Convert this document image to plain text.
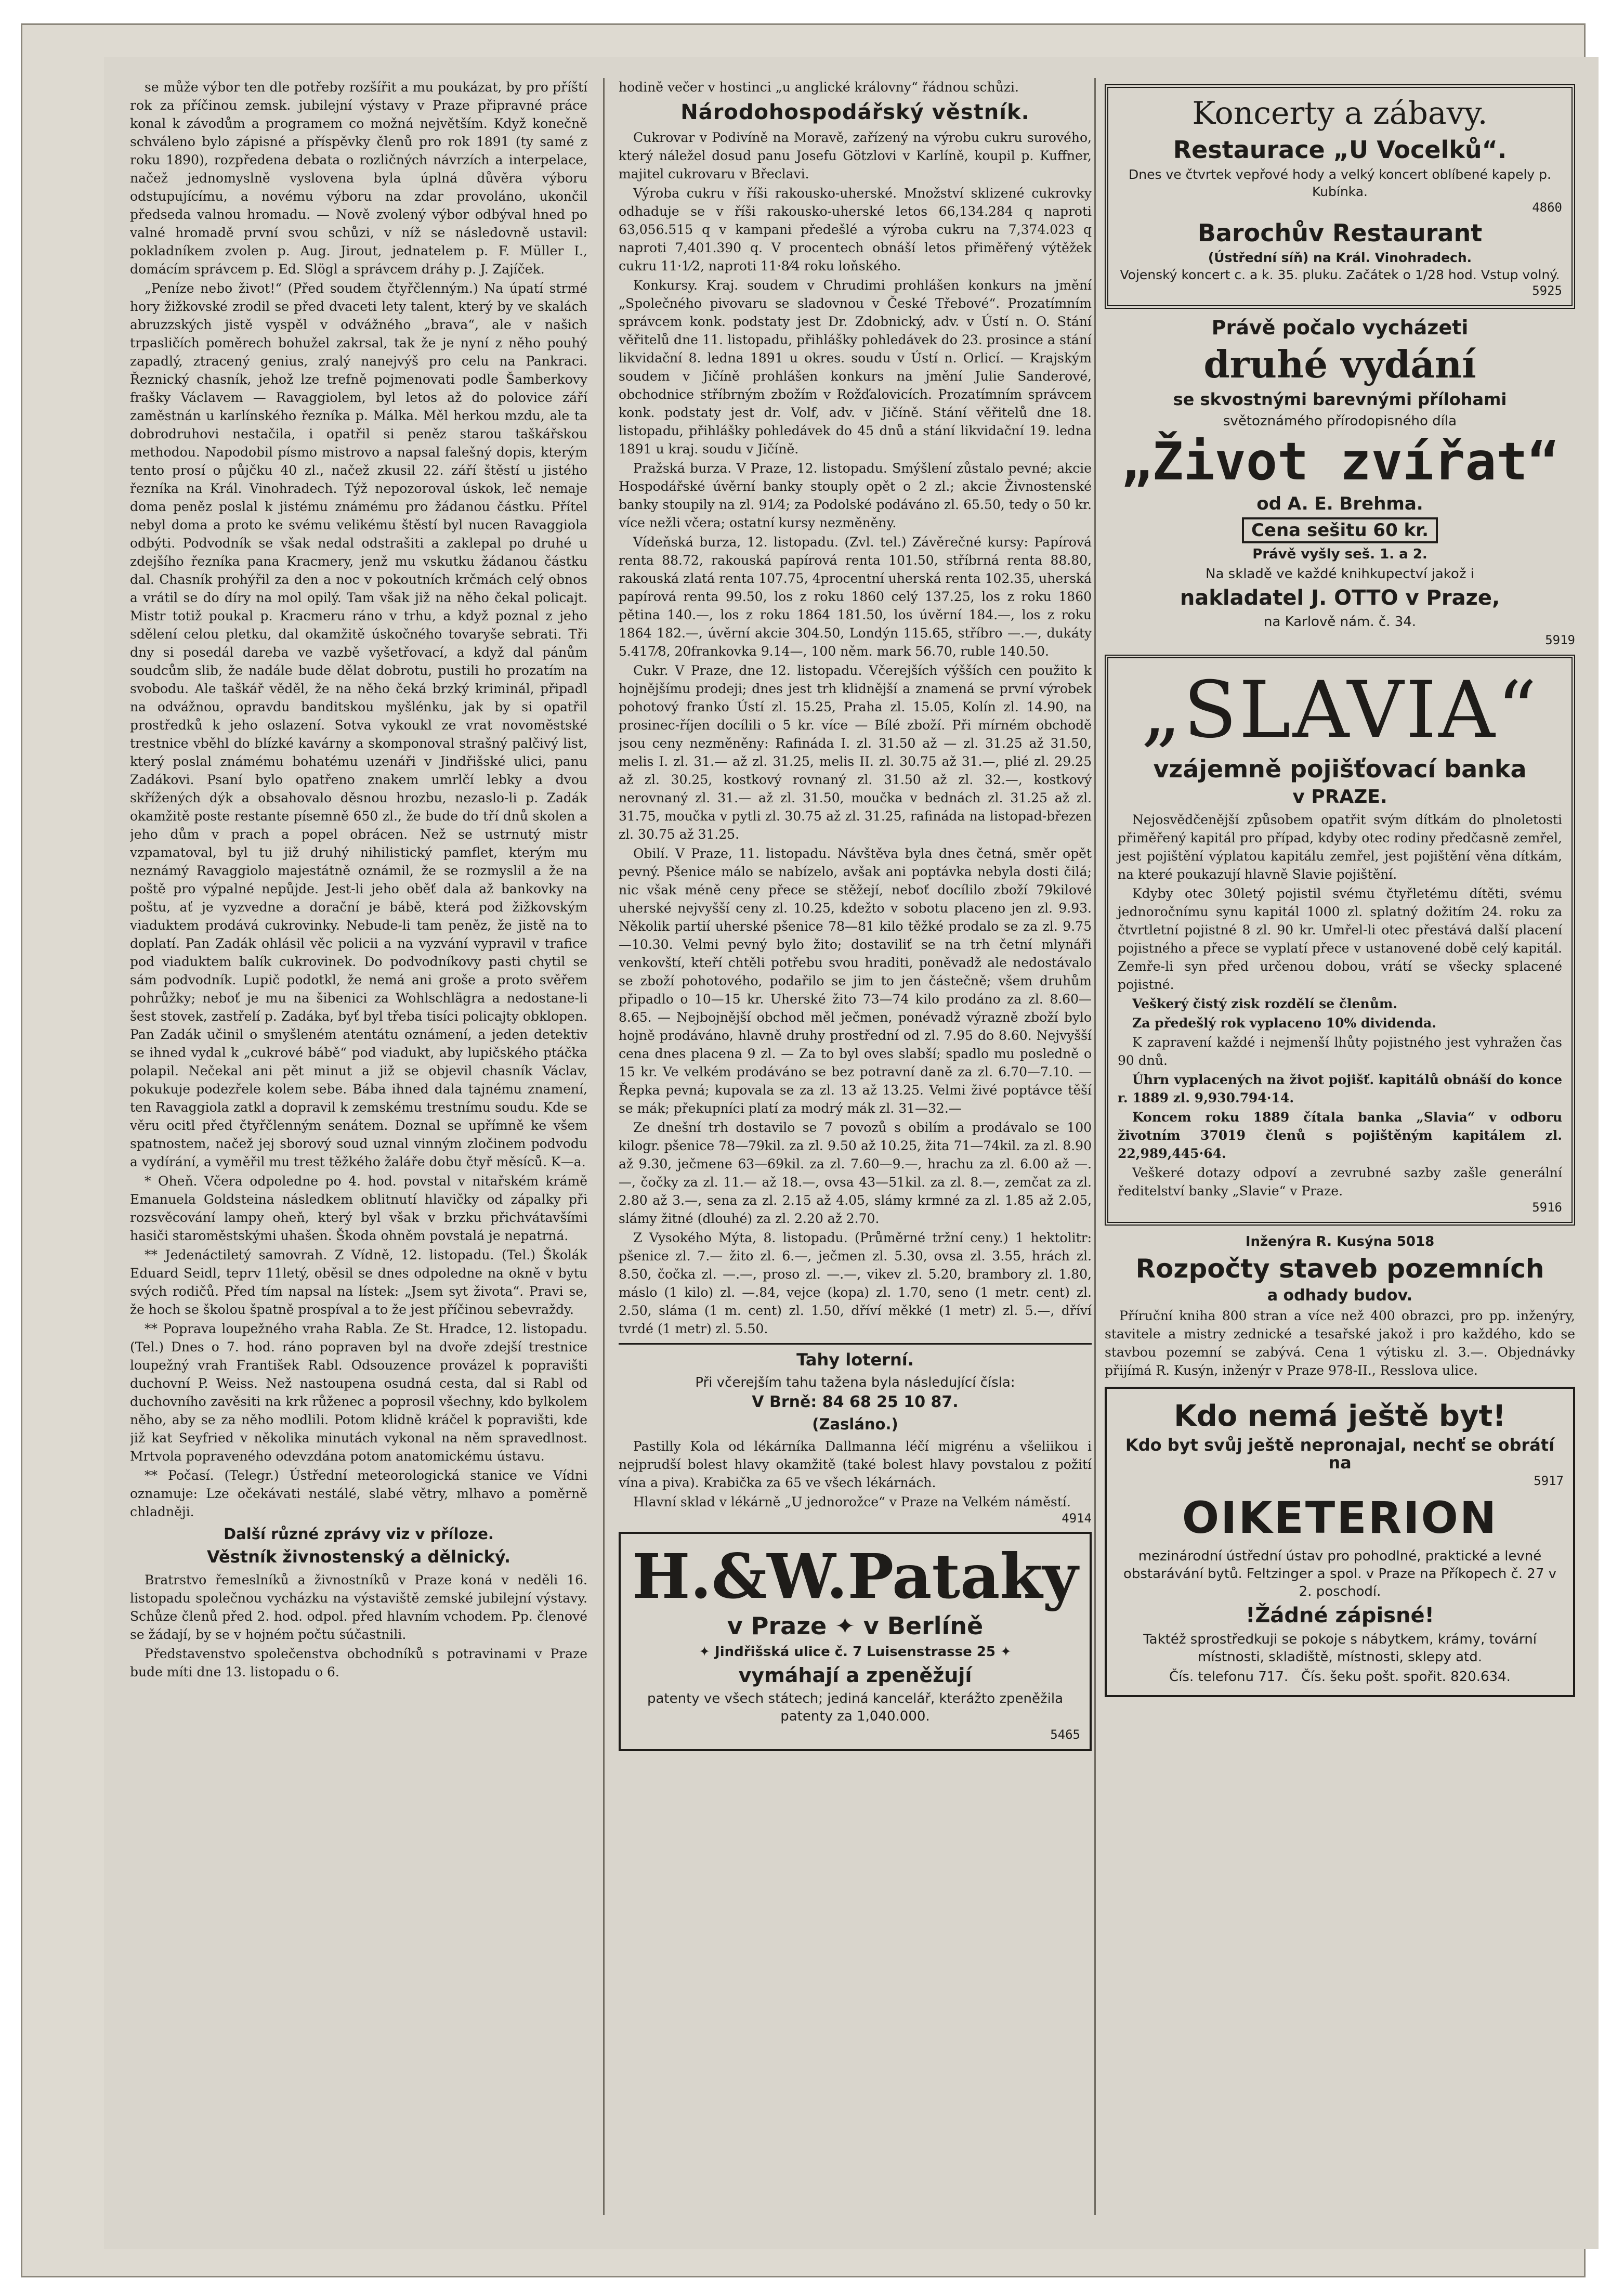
se může výbor ten dle potřeby rozšířit a mu poukázat, by pro příští rok za příčinou zemsk. jubilejní výstavy v Praze připravné práce konal k závodům a programem co možná největším. Když konečně schváleno bylo zápisné a příspěvky členů pro rok 1891 (ty samé z roku 1890), rozpředena debata o rozličných návrzích a interpelace, načež jednomyslně vyslovena byla úplná důvěra výboru odstupujícímu, a novému výboru na zdar provoláno, ukončil předseda valnou hromadu. — Nově zvolený výbor odbýval hned po valné hromadě první svou schůzi, v níž se následovně ustavil: pokladníkem zvolen p. Aug. Jirout, jednatelem p. F. Müller I., domácím správcem p. Ed. Slögl a správcem dráhy p. J. Zajíček.

„Peníze nebo život!“ (Před soudem čtyřčlenným.) Na úpatí strmé hory žižkovské zrodil se před dvaceti lety talent, který by ve skalách abruzzských jistě vyspěl v odvážného „brava“, ale v našich trpasličích poměrech bohužel zakrsal, tak že je nyní z něho pouhý zapadlý, ztracený genius, zralý nanejvýš pro celu na Pankraci. Řeznický chasník, jehož lze trefně pojmenovati podle Šamberkovy frašky Václavem — Ravaggiolem, byl letos až do polovice září zaměstnán u karlínského řezníka p. Málka. Měl herkou mzdu, ale ta dobrodruhovi nestačila, i opatřil si peněz starou taškářskou methodou. Napodobil písmo mistrovo a napsal falešný dopis, kterým tento prosí o půjčku 40 zl., načež zkusil 22. září štěstí u jistého řezníka na Král. Vinohradech. Týž nepozoroval úskok, leč nemaje doma peněz poslal k jistému známému pro žádanou částku. Přítel nebyl doma a proto ke svému velikému štěstí byl nucen Ravaggiola odbýti. Podvodník se však nedal odstrašiti a zaklepal po druhé u zdejšího řezníka pana Kracmery, jenž mu vskutku žádanou částku dal. Chasník prohýřil za den a noc v pokoutních krčmách celý obnos a vrátil se do díry na mol opilý. Tam však již na něho čekal policajt. Mistr totiž poukal p. Kracmeru ráno v trhu, a když poznal z jeho sdělení celou pletku, dal okamžitě úskočného tovaryše sebrati. Tři dny si posedál dareba ve vazbě vyšetřovací, a když dal pánům soudcům slib, že nadále bude dělat dobrotu, pustili ho prozatím na svobodu. Ale taškář věděl, že na něho čeká brzký kriminál, připadl na odvážnou, opravdu banditskou myšlénku, jak by si opatřil prostředků k jeho oslazení. Sotva vykoukl ze vrat novoměstské trestnice vběhl do blízké kavárny a skomponoval strašný palčivý list, který poslal známému bohatému uzenáři v Jindřišské ulici, panu Zadákovi. Psaní bylo opatřeno znakem umrlčí lebky a dvou skřížených dýk a obsahovalo děsnou hrozbu, nezaslo-li p. Zadák okamžitě poste restante písemně 650 zl., že bude do tří dnů skolen a jeho dům v prach a popel obrácen. Než se ustrnutý mistr vzpamatoval, byl tu již druhý nihilistický pamflet, kterým mu neznámý Ravaggiolo majestátně oznámil, že se rozmyslil a že na poště pro výpalné nepůjde. Jest-li jeho oběť dala až bankovky na poštu, ať je vyzvedne a dorační je bábě, která pod žižkovským viaduktem prodává cukrovinky. Nebude-li tam peněz, že jistě na to doplatí. Pan Zadák ohlásil věc policii a na vyzvání vypravil v trafice pod viaduktem balík cukrovinek. Do podvodníkovy pasti chytil se sám podvodník. Lupič podotkl, že nemá ani groše a proto svěřem pohrůžky; neboť je mu na šibenici za Wohlschlägra a nedostane-li šest stovek, zastřelí p. Zadáka, byť byl třeba tisíci policajty obklopen. Pan Zadák učinil o smyšleném atentátu oznámení, a jeden detektiv se ihned vydal k „cukrové bábě“ pod viadukt, aby lupičského ptáčka polapil. Nečekal ani pět minut a již se objevil chasník Václav, pokukuje podezřele kolem sebe. Bába ihned dala tajnému znamení, ten Ravaggiola zatkl a dopravil k zemskému trestnímu soudu. Kde se věru ocitl před čtyřčlenným senátem. Doznal se upřímně ke všem spatnostem, načež jej sborový soud uznal vinným zločinem podvodu a vydírání, a vyměřil mu trest těžkého žaláře dobu čtyř měsíců. K—a.

* Oheň. Včera odpoledne po 4. hod. povstal v nitařském krámě Emanuela Goldsteina následkem oblitnutí hlavičky od zápalky při rozsvěcování lampy oheň, který byl však v brzku přichvátavšími hasiči staroměstskými uhašen. Škoda ohněm povstalá je nepatrná.

** Jedenáctiletý samovrah. Z Vídně, 12. listopadu. (Tel.) Školák Eduard Seidl, teprv 11letý, oběsil se dnes odpoledne na okně v bytu svých rodičů. Před tím napsal na lístek: „Jsem syt života“. Pravi se, že hoch se školou špatně prospíval a to že jest příčinou sebevraždy.

** Poprava loupežného vraha Rabla. Ze St. Hradce, 12. listopadu. (Tel.) Dnes o 7. hod. ráno popraven byl na dvoře zdejší trestnice loupežný vrah František Rabl. Odsouzence provázel k popravišti duchovní P. Weiss. Než nastoupena osudná cesta, dal si Rabl od duchovního zavěsiti na krk růženec a poprosil všechny, kdo bylkolem něho, aby se za něho modlili. Potom klidně kráčel k popravišti, kde již kat Seyfried v několika minutách vykonal na něm spravedlnost. Mrtvola popraveného odevzdána potom anatomickému ústavu.

** Počasí. (Telegr.) Ústřední meteorologická stanice ve Vídni oznamuje: Lze očekávati nestálé, slabé větry, mlhavo a poměrně chladněji.

Další různé zprávy viz v příloze.
Věstník živnostenský a dělnický.

Bratrstvo řemeslníků a živnostníků v Praze koná v neděli 16. listopadu společnou vycházku na výstaviště zemské jubilejní výstavy. Schůze členů před 2. hod. odpol. před hlavním vchodem. Pp. členové se žádají, by se v hojném počtu súčastnili.

Představenstvo společenstva obchodníků s potravinami v Praze bude míti dne 13. listopadu o 6.

hodině večer v hostinci „u anglické královny“ řádnou schůzi.

Národohospodářský věstník.

Cukrovar v Podivíně na Moravě, zařízený na výrobu cukru surového, který náležel dosud panu Josefu Götzlovi v Karlíně, koupil p. Kuffner, majitel cukrovaru v Břeclavi.

Výroba cukru v říši rakousko-uherské. Množství sklizené cukrovky odhaduje se v říši rakousko-uherské letos 66,134.284 q naproti 63,056.515 q v kampani předešlé a výroba cukru na 7,374.023 q naproti 7,401.390 q. V procentech obnáší letos přiměřený výtěžek cukru 11·1⁄2, naproti 11·8⁄4 roku loňského.

Konkursy. Kraj. soudem v Chrudimi prohlášen konkurs na jmění „Společného pivovaru se sladovnou v České Třebové“. Prozatímním správcem konk. podstaty jest Dr. Zdobnický, adv. v Ústí n. O. Stání věřitelů dne 11. listopadu, přihlášky pohledávek do 23. prosince a stání likvidační 8. ledna 1891 u okres. soudu v Ústí n. Orlicí. — Krajským soudem v Jičíně prohlášen konkurs na jmění Julie Sanderové, obchodnice stříbrným zbožím v Rožďalovicích. Prozatímním správcem konk. podstaty jest dr. Volf, adv. v Jičíně. Stání věřitelů dne 18. listopadu, přihlášky pohledávek do 45 dnů a stání likvidační 19. ledna 1891 u kraj. soudu v Jičíně.

Pražská burza. V Praze, 12. listopadu. Smýšlení zůstalo pevné; akcie Hospodářské úvěrní banky stouply opět o 2 zl.; akcie Živnostenské banky stoupily na zl. 91⁄4; za Podolské podáváno zl. 65.50, tedy o 50 kr. více nežli včera; ostatní kursy nezměněny.

Vídeňská burza, 12. listopadu. (Zvl. tel.) Závěrečné kursy: Papírová renta 88.72, rakouská papírová renta 101.50, stříbrná renta 88.80, rakouská zlatá renta 107.75, 4procentní uherská renta 102.35, uherská papírová renta 99.50, los z roku 1860 celý 137.25, los z roku 1860 pětina 140.—, los z roku 1864 181.50, los úvěrní 184.—, los z roku 1864 182.—, úvěrní akcie 304.50, Londýn 115.65, stříbro —.—, dukáty 5.417⁄8, 20frankovka 9.14—, 100 něm. mark 56.70, ruble 140.50.

Cukr. V Praze, dne 12. listopadu. Včerejších výšších cen použito k hojnějšímu prodeji; dnes jest trh klidnější a znamená se první výrobek pohotový franko Ústí zl. 15.25, Praha zl. 15.05, Kolín zl. 14.90, na prosinec-říjen docílili o 5 kr. více — Bílé zboží. Při mírném obchodě jsou ceny nezměněny: Rafináda I. zl. 31.50 až — zl. 31.25 až 31.50, melis I. zl. 31.— až zl. 31.25, melis II. zl. 30.75 až 31.—, plié zl. 29.25 až zl. 30.25, kostkový rovnaný zl. 31.50 až zl. 32.—, kostkový nerovnaný zl. 31.— až zl. 31.50, moučka v bednách zl. 31.25 až zl. 31.75, moučka v pytli zl. 30.75 až zl. 31.25, rafináda na listopad-březen zl. 30.75 až 31.25.

Obilí. V Praze, 11. listopadu. Návštěva byla dnes četná, směr opět pevný. Pšenice málo se nabízelo, avšak ani poptávka nebyla dosti čilá; nic však méně ceny přece se stěžejí, neboť docílilo zboží 79kilové uherské nejvyšší ceny zl. 10.25, kdežto v sobotu placeno jen zl. 9.93. Několik partií uherské pšenice 78—81 kilo těžké prodalo se za zl. 9.75—10.30. Velmi pevný bylo žito; dostaviliť se na trh četní mlynáři venkovští, kteří chtěli potřebu svou hraditi, poněvadž ale nedostávalo se zboží pohotového, podařilo se jim to jen částečně; všem druhům připadlo o 10—15 kr. Uherské žito 73—74 kilo prodáno za zl. 8.60—8.65. — Nejbojnější obchod měl ječmen, ponévadž výrazně zboží bylo hojně prodáváno, hlavně druhy prostřední od zl. 7.95 do 8.60. Nejvyšší cena dnes placena 9 zl. — Za to byl oves slabší; spadlo mu posledně o 15 kr. Ve velkém prodáváno se bez potravní daně za zl. 6.70—7.10. — Řepka pevná; kupovala se za zl. 13 až 13.25. Velmi živé poptávce těší se mák; překupníci platí za modrý mák zl. 31—32.—

Ze dnešní trh dostavilo se 7 povozů s obilím a prodávalo se 100 kilogr. pšenice 78—79kil. za zl. 9.50 až 10.25, žita 71—74kil. za zl. 8.90 až 9.30, ječmene 63—69kil. za zl. 7.60—9.—, hrachu za zl. 6.00 až —.—, čočky za zl. 11.— až 18.—, ovsa 43—51kil. za zl. 8.—, zemčat za zl. 2.80 až 3.—, sena za zl. 2.15 až 4.05, slámy krmné za zl. 1.85 až 2.05, slámy žitné (dlouhé) za zl. 2.20 až 2.70.

Z Vysokého Mýta, 8. listopadu. (Průměrné tržní ceny.) 1 hektolitr: pšenice zl. 7.— žito zl. 6.—, ječmen zl. 5.30, ovsa zl. 3.55, hrách zl. 8.50, čočka zl. —.—, proso zl. —.—, vikev zl. 5.20, brambory zl. 1.80, máslo (1 kilo) zl. —.84, vejce (kopa) zl. 1.70, seno (1 metr. cent) zl. 2.50, sláma (1 m. cent) zl. 1.50, dříví měkké (1 metr) zl. 5.—, dříví tvrdé (1 metr) zl. 5.50.

Tahy loterní.

Při včerejším tahu tažena byla následující čísla:

V Brně: 84 68 25 10 87.

(Zasláno.)

Pastilly Kola od lékárníka Dallmanna léčí migrénu a všeliikou i nejprudší bolest hlavy okamžitě (také bolest hlavy povstalou z požití vína a piva). Krabička za 65 ve všech lékárnách.

Hlavní sklad v lékárně „U jednorožce“ v Praze na Velkém náměstí.

4914

H.&W.Pataky

v Praze ✦ v Berlíně

✦ Jindřišská ulice č. 7 Luisenstrasse 25 ✦

vymáhají a zpeněžují

patenty ve všech státech; jediná kancelář, kterážto zpeněžila patenty za 1,040.000.

5465

Koncerty a zábavy.
Restaurace „U Vocelků“.

Dnes ve čtvrtek vepřové hody a velký koncert oblíbené kapely p. Kubínka.

4860

Barochův Restaurant

(Ústřední síň) na Král. Vinohradech.

Vojenský koncert c. a k. 35. pluku. Začátek o 1/28 hod. Vstup volný.

5925

Právě počalo vycházeti

druhé vydání

se skvostnými barevnými přílohami

světoznámého přírodopisného díla

„Život zvířat“

od A. E. Brehma.

Cena sešitu 60 kr.

Právě vyšly seš. 1. a 2.

Na skladě ve každé knihkupectví jakož i

nakladatel J. OTTO v Praze,

na Karlově nám. č. 34.

5919

„SLAVIA“

vzájemně pojišťovací banka

v PRAZE.

Nejosvědčenější způsobem opatřit svým dítkám do plnoletosti přiměřený kapitál pro případ, kdyby otec rodiny předčasně zemřel, jest pojištění výplatou kapitálu zemřel, jest pojištění věna dítkám, na které poukazují hlavně Slavie pojištění.

Kdyby otec 30letý pojistil svému čtyřletému dítěti, svému jednoročnímu synu kapitál 1000 zl. splatný dožitím 24. roku za čtvrtletní pojistné 8 zl. 90 kr. Umřel-li otec přestává další placení pojistného a přece se vyplatí přece v ustanovené době celý kapitál. Zemře-li syn před určenou dobou, vrátí se všecky splacené pojistné.

Veškerý čistý zisk rozdělí se členům.

Za předešlý rok vyplaceno 10% dividenda.

K zapravení každé i nejmenší lhůty pojistného jest vyhražen čas 90 dnů.

Úhrn vyplacených na život pojišť. kapitálů obnáší do konce r. 1889 zl. 9,930.794·14.

Koncem roku 1889 čítala banka „Slavia“ v odboru životním 37019 členů s pojištěným kapitálem zl. 22,989,445·64.

Veškeré dotazy odpoví a zevrubné sazby zašle generální ředitelství banky „Slavie“ v Praze.

5916

Inženýra R. Kusýna 5018

Rozpočty staveb pozemních

a odhady budov.

Příruční kniha 800 stran a více než 400 obrazci, pro pp. inženýry, stavitele a mistry zednické a tesařské jakož i pro každého, kdo se stavbou pozemní se zabývá. Cena 1 výtisku zl. 3.—. Objednávky přijímá R. Kusýn, inženýr v Praze 978-II., Resslova ulice.

Kdo nemá ještě byt!

Kdo byt svůj ještě nepronajal, nechť se obrátí na

5917

OIKETERION

mezinárodní ústřední ústav pro pohodlné, praktické a levné obstarávání bytů. Feltzinger a spol. v Praze na Příkopech č. 27 v 2. poschodí.

!Žádné zápisné!

Taktéž sprostředkuji se pokoje s nábytkem, krámy, tovární místnosti, skladiště, místnosti, sklepy atd.

Čís. telefonu 717. Čís. šeku pošt. spořit. 820.634.
